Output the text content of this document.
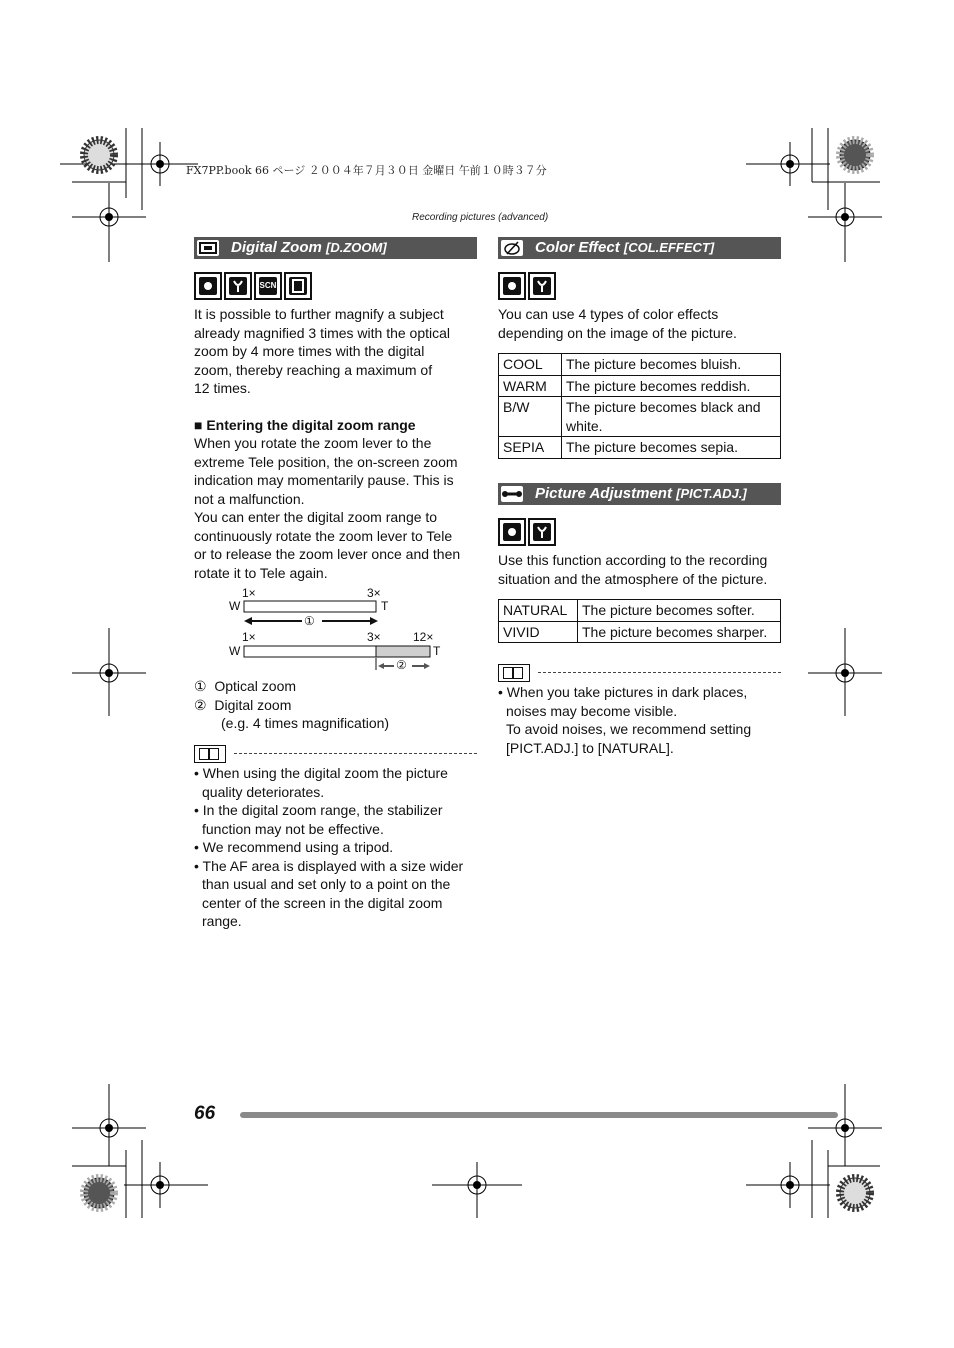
FX7PP.book 66 ページ ２００４年７月３０日 金曜日 午前１０時３７分
Recording pictures (advanced)
Digital Zoom [D.ZOOM]
SCN
It is possible to further magnify a subject
already magnified 3 times with the optical
zoom by 4 more times with the digital
zoom, thereby reaching a maximum of
12 times.
■ Entering the digital zoom range
When you rotate the zoom lever to the
extreme Tele position, the on-screen zoom
indication may momentarily pause. This is
not a malfunction.
You can enter the digital zoom range to
continuously rotate the zoom lever to Tele
or to release the zoom lever once and then
rotate it to Tele again.
1×	3×
W	T
1×	3×	12×
W	T
①
②
① Optical zoom
② Digital zoom
(e.g. 4 times magnification)

• When using the digital zoom the picture quality deteriorates.

• In the digital zoom range, the stabilizer function may not be effective.

• We recommend using a tripod.

• The AF area is displayed with a size wider than usual and set only to a point on the center of the screen in the digital zoom range.

Color Effect [COL.EFFECT]
You can use 4 types of color effects
depending on the image of the picture.
COOL	The picture becomes bluish.
WARM	The picture becomes reddish.
B/W	The picture becomes black and white.
SEPIA	The picture becomes sepia.
Picture Adjustment [PICT.ADJ.]
Use this function according to the recording
situation and the atmosphere of the picture.
NATURAL	The picture becomes softer.
VIVID	The picture becomes sharper.

• When you take pictures in dark places, noises may become visible.

To avoid noises, we recommend setting [PICT.ADJ.] to [NATURAL].

66
